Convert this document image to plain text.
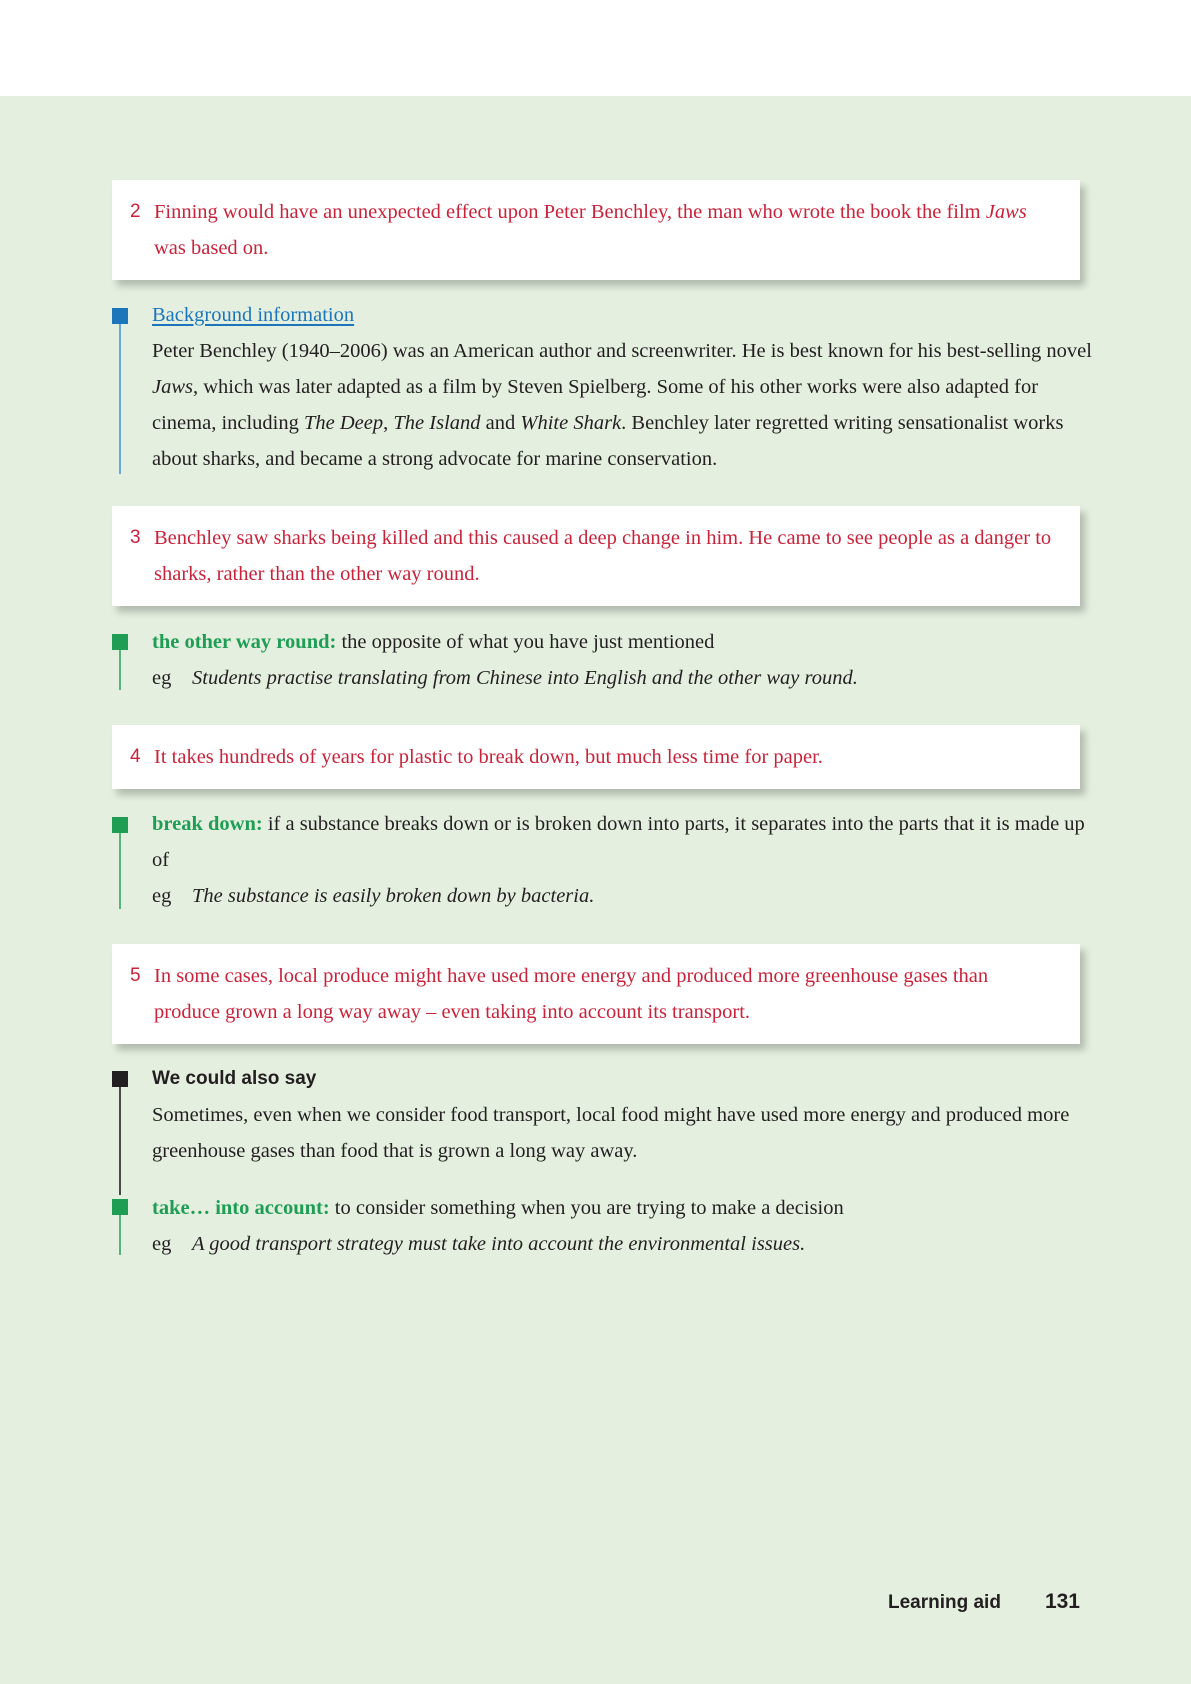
2 Finning would have an unexpected effect upon Peter Benchley, the man who wrote the book the film Jaws was based on.
Background information
Peter Benchley (1940–2006) was an American author and screenwriter. He is best known for his best-selling novel Jaws, which was later adapted as a film by Steven Spielberg. Some of his other works were also adapted for cinema, including The Deep, The Island and White Shark. Benchley later regretted writing sensationalist works about sharks, and became a strong advocate for marine conservation.
3 Benchley saw sharks being killed and this caused a deep change in him. He came to see people as a danger to sharks, rather than the other way round.
the other way round: the opposite of what you have just mentioned
eg Students practise translating from Chinese into English and the other way round.
4 It takes hundreds of years for plastic to break down, but much less time for paper.
break down: if a substance breaks down or is broken down into parts, it separates into the parts that it is made up of
eg The substance is easily broken down by bacteria.
5 In some cases, local produce might have used more energy and produced more greenhouse gases than produce grown a long way away – even taking into account its transport.
We could also say
Sometimes, even when we consider food transport, local food might have used more energy and produced more greenhouse gases than food that is grown a long way away.
take… into account: to consider something when you are trying to make a decision
eg A good transport strategy must take into account the environmental issues.
Learning aid 131
